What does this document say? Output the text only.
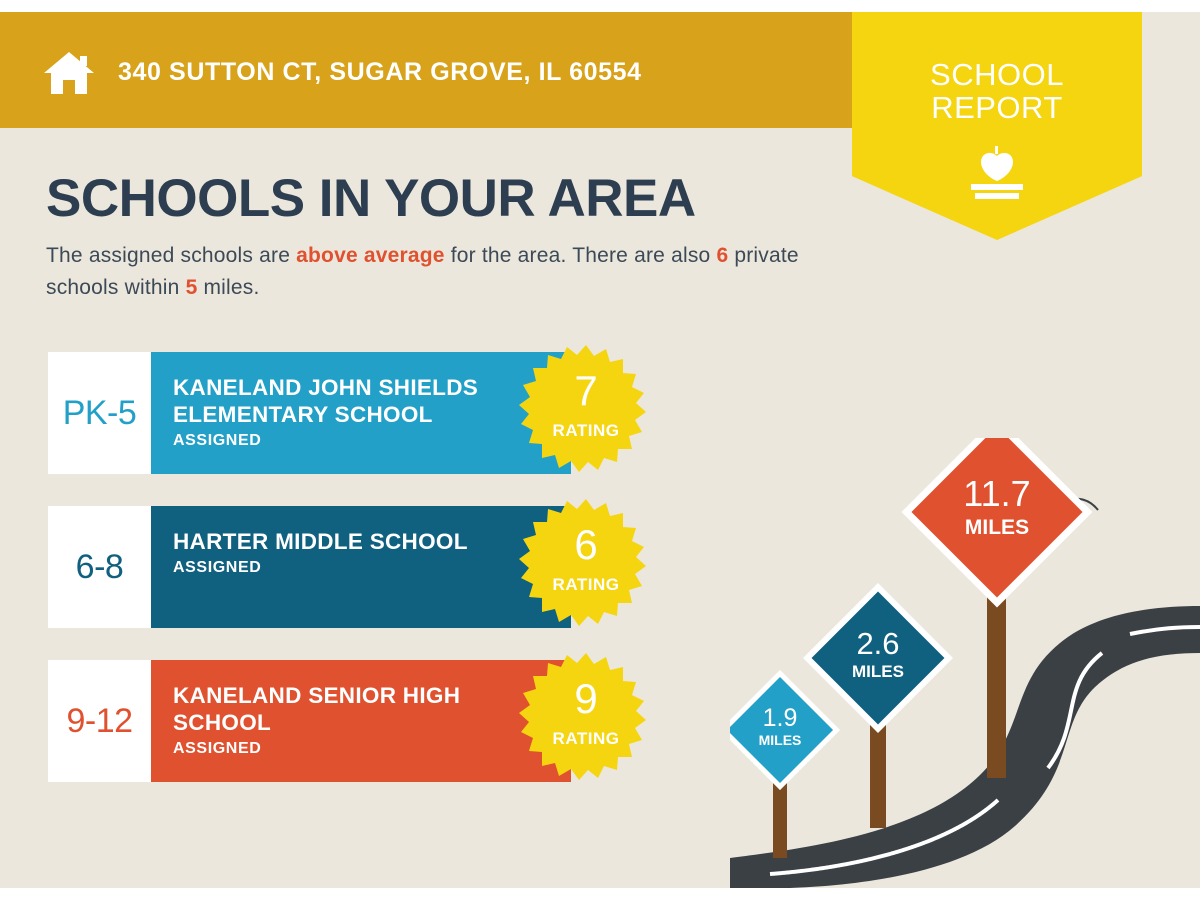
340 SUTTON CT, SUGAR GROVE, IL 60554	SCHOOL
REPORT
SCHOOLS IN YOUR AREA
The assigned schools are above average for the area. There are also 6 private schools within 5 miles.
PK-5
KANELAND JOHN SHIELDS ELEMENTARY SCHOOL
ASSIGNED
7
RATING
6-8
HARTER MIDDLE SCHOOL
ASSIGNED	6
RATING
9-12
KANELAND SENIOR HIGH SCHOOL
ASSIGNED
9
RATING
1.9
MILES
2.6
MILES
11.7
MILES
